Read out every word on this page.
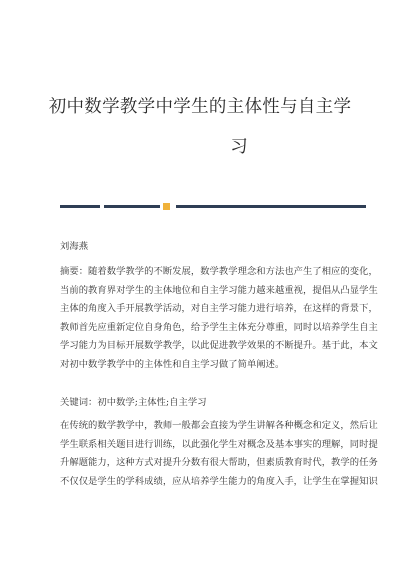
初中数学教学中学生的主体性与自主学
习
刘海燕
摘要：随着数学教学的不断发展，数学教学理念和方法也产生了相应的变化，
当前的教育界对学生的主体地位和自主学习能力越来越重视，提倡从凸显学生
主体的角度入手开展教学活动，对自主学习能力进行培养，在这样的背景下，
教师首先应重新定位自身角色，给予学生主体充分尊重，同时以培养学生自主
学习能力为目标开展数学教学，以此促进教学效果的不断提升。基于此，本文
对初中数学教学中的主体性和自主学习做了简单阐述。
关键词：初中数学;主体性;自主学习
在传统的数学教学中，教师一般都会直接为学生讲解各种概念和定义，然后让
学生联系相关题目进行训练，以此强化学生对概念及基本事实的理解，同时提
升解题能力，这种方式对提升分数有很大帮助，但素质教育时代，教学的任务
不仅仅是学生的学科成绩，应从培养学生能力的角度入手，让学生在掌握知识
